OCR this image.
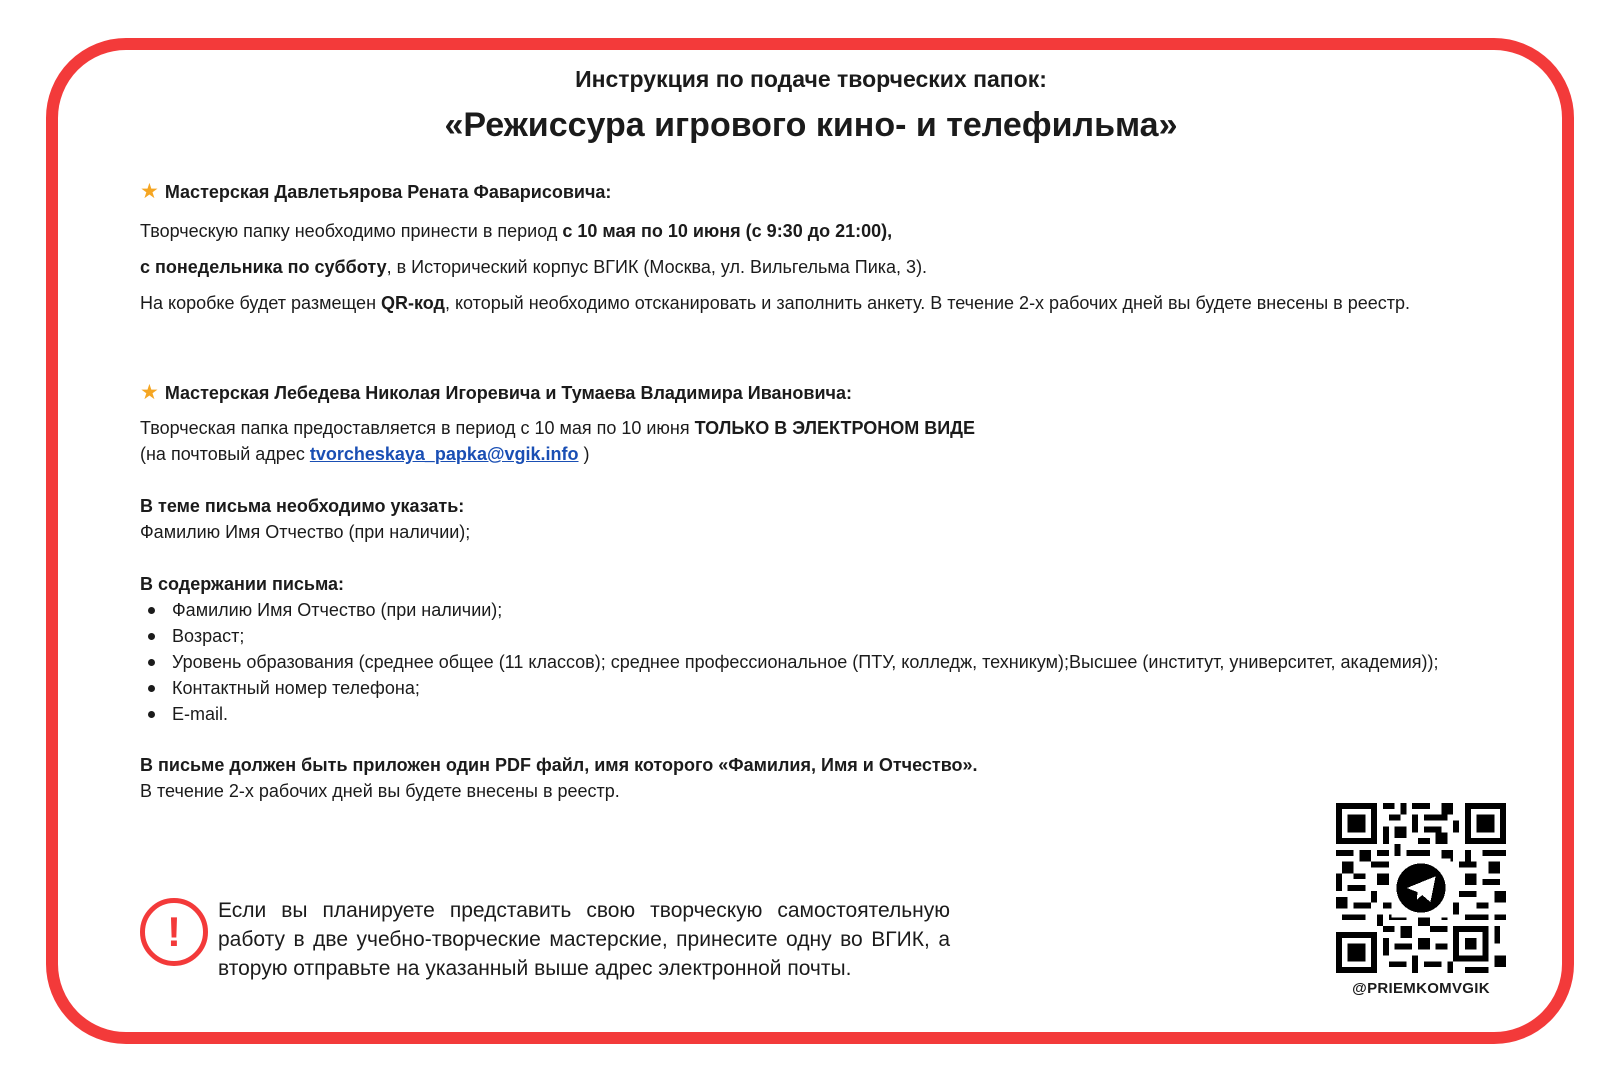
Инструкция по подаче творческих папок:
«Режиссура игрового кино- и телефильма»
★ Мастерская Давлетьярова Рената Фаварисовича:
Творческую папку необходимо принести в период с 10 мая по 10 июня (с 9:30 до 21:00),
с понедельника по субботу, в Исторический корпус ВГИК (Москва, ул. Вильгельма Пика, 3).
На коробке будет размещен QR-код, который необходимо отсканировать и заполнить анкету. В течение 2-х рабочих дней вы будете внесены в реестр.
★ Мастерская Лебедева Николая Игоревича и Тумаева Владимира Ивановича:
Творческая папка предоставляется в период с 10 мая по 10 июня ТОЛЬКО В ЭЛЕКТРОНОМ ВИДЕ
(на почтовый адрес tvorcheskaya_papka@vgik.info )
В теме письма необходимо указать:
Фамилию Имя Отчество (при наличии);
В содержании письма:
Фамилию Имя Отчество (при наличии);
Возраст;
Уровень образования (среднее общее (11 классов); среднее профессиональное (ПТУ, колледж, техникум);Высшее (институт, университет, академия));
Контактный номер телефона;
E-mail.
В письме должен быть приложен один PDF файл, имя которого «Фамилия, Имя и Отчество».
В течение 2-х рабочих дней вы будете внесены в реестр.
!	Если вы планируете представить свою творческую самостоятельную работу в две учебно-творческие мастерские, принесите одну во ВГИК, а вторую отправьте на указанный выше адрес электронной почты.
@PRIEMKOMVGIK
